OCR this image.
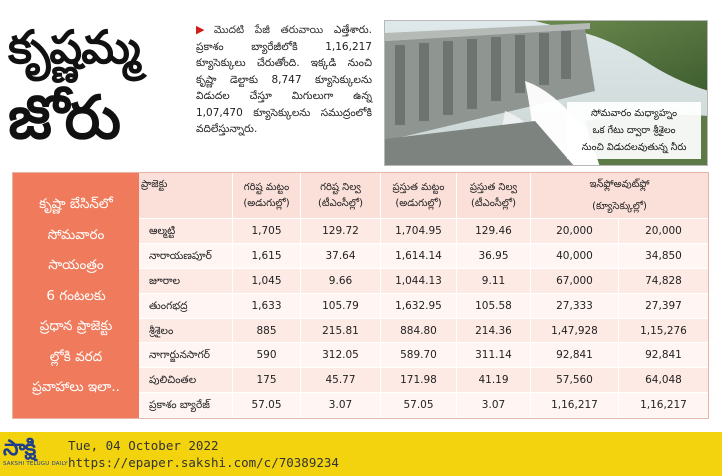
కృష్ణమ్మ
జోరు
▶ మొదటి పేజీ తరువాయి ఎత్తేశారు. ప్రకాశం బ్యారేజీలోకి 1,16,217 క్యూసెక్కులు చేరుతోంది. ఇక్కడి నుంచి కృష్ణా డెల్టాకు 8,747 క్యూసెక్కులను విడుదల చేస్తూ మిగులుగా ఉన్న 1,07,470 క్యూసెక్కులను సముద్రంలోకి వదిలేస్తున్నారు.
సోమవారం మధ్యాహ్నం
ఒక గేటు ద్వారా శ్రీశైలం
నుంచి విడుదలవుతున్న నీరు
కృష్ణా బేసిన్‌లో
సోమవారం
సాయంత్రం
6 గంటలకు
ప్రధాన ప్రాజెక్టు
ల్లోకి వరద
ప్రవాహాలు ఇలా..
ప్రాజెక్టు	గరిష్ట మట్టం
(అడుగుల్లో)
గరిష్ట నిల్వ
(టీఎంసీల్లో)
ప్రస్తుత మట్టం
(అడుగుల్లో)
ప్రస్తుత నిల్వ
(టీఎంసీల్లో)
ఇన్‌ఫ్లో అవుట్‌ఫ్లో
(క్యూసెక్కుల్లో)
ఆల్మట్టి	1,705	129.72	1,704.95	129.46	20,000	20,000
నారాయణపూర్	1,615	37.64	1,614.14	36.95	40,000	34,850
జూరాల	1,045	9.66	1,044.13	9.11	67,000	74,828
తుంగభద్ర	1,633	105.79	1,632.95	105.58	27,333	27,397
శ్రీశైలం	885	215.81	884.80	214.36	1,47,928	1,15,276
నాగార్జునసాగర్	590	312.05	589.70	311.14	92,841	92,841
పులిచింతల	175	45.77	171.98	41.19	57,560	64,048
ప్రకాశం బ్యారేజ్	57.05	3.07	57.05	3.07	1,16,217	1,16,217
సాక్షి
SAKSHI TELUGU DAILY
Tue, 04 October 2022
https://epaper.sakshi.com/c/70389234
